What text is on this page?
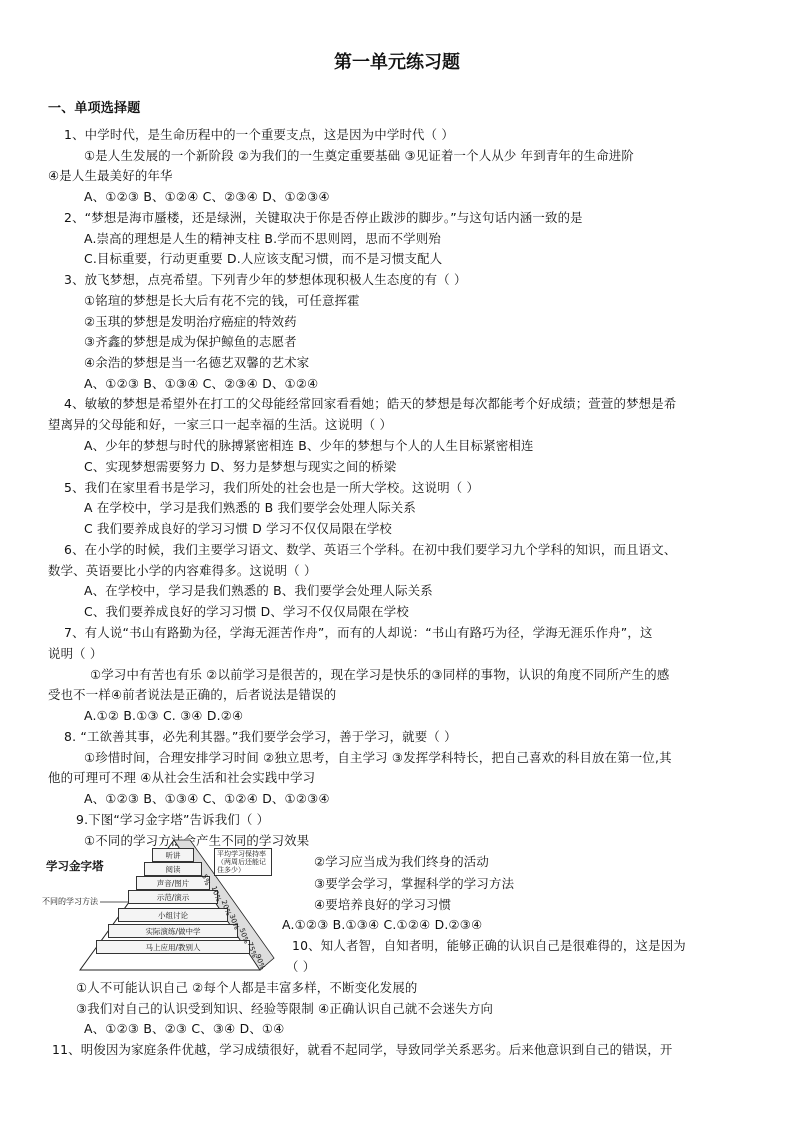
第一单元练习题
一、单项选择题
1、中学时代，是生命历程中的一个重要支点，这是因为中学时代（ ）
①是人生发展的一个新阶段 ②为我们的一生奠定重要基础 ③见证着一个人从少 年到青年的生命进阶
④是人生最美好的年华
A、①②③ B、①②④ C、②③④ D、①②③④
2、“梦想是海市蜃楼，还是绿洲，关键取决于你是否停止跋涉的脚步。”与这句话内涵一致的是
A.崇高的理想是人生的精神支柱 B.学而不思则罔，思而不学则殆
C.目标重要，行动更重要 D.人应该支配习惯，而不是习惯支配人
3、放飞梦想，点亮希望。下列青少年的梦想体现积极人生态度的有（ ）
①铭瑄的梦想是长大后有花不完的钱，可任意挥霍
②玉琪的梦想是发明治疗癌症的特效药
③齐鑫的梦想是成为保护鲸鱼的志愿者
④余浩的梦想是当一名德艺双馨的艺术家
A、①②③ B、①③④ C、②③④ D、①②④
4、敏敏的梦想是希望外在打工的父母能经常回家看看她；皓天的梦想是每次都能考个好成绩；萱萱的梦想是希
望离异的父母能和好，一家三口一起幸福的生活。这说明（ ）
A、少年的梦想与时代的脉搏紧密相连 B、少年的梦想与个人的人生目标紧密相连
C、实现梦想需要努力 D、努力是梦想与现实之间的桥梁
5、我们在家里看书是学习，我们所处的社会也是一所大学校。这说明（ ）
A 在学校中，学习是我们熟悉的 B 我们要学会处理人际关系
C 我们要养成良好的学习习惯 D 学习不仅仅局限在学校
6、在小学的时候，我们主要学习语文、数学、英语三个学科。在初中我们要学习九个学科的知识，而且语文、
数学、英语要比小学的内容难得多。这说明（ ）
A、在学校中，学习是我们熟悉的 B、我们要学会处理人际关系
C、我们要养成良好的学习习惯 D、学习不仅仅局限在学校
7、有人说“书山有路勤为径，学海无涯苦作舟”，而有的人却说：“书山有路巧为径，学海无涯乐作舟”，这
说明（ ）
①学习中有苦也有乐 ②以前学习是很苦的，现在学习是快乐的③同样的事物，认识的角度不同所产生的感
受也不一样④前者说法是正确的，后者说法是错误的
A.①② B.①③ C. ③④ D.②④
8. “工欲善其事，必先利其器。”我们要学会学习，善于学习，就要（ ）
①珍惜时间，合理安排学习时间 ②独立思考，自主学习 ③发挥学科特长，把自己喜欢的科目放在第一位,其
他的可理可不理 ④从社会生活和社会实践中学习
A、①②③ B、①③④ C、①②④ D、①②③④
9.下图“学习金字塔”告诉我们（ ）
①不同的学习方法会产生不同的学习效果
②学习应当成为我们终身的活动
③要学会学习，掌握科学的学习方法
④要培养良好的学习习惯
A.①②③ B.①③④ C.①②④ D.②③④
10、知人者智，自知者明，能够正确的认识自己是很难得的，这是因为
（ ）
①人不可能认识自己 ②每个人都是丰富多样，不断变化发展的
③我们对自己的认识受到知识、经验等限制 ④正确认识自己就不会迷失方向
A、①②③ B、②③ C、③④ D、①④
11、明俊因为家庭条件优越，学习成绩很好，就看不起同学，导致同学关系恶劣。后来他意识到自己的错误，开
学习金字塔
不同的学习方法
听讲
阅读
声音/图片
示范/演示
小组讨论
实际演练/做中学
马上应用/教别人
平均学习保持率（两周后还能记住多少）
5%
10%
20%
30%
50%
75%
90%
